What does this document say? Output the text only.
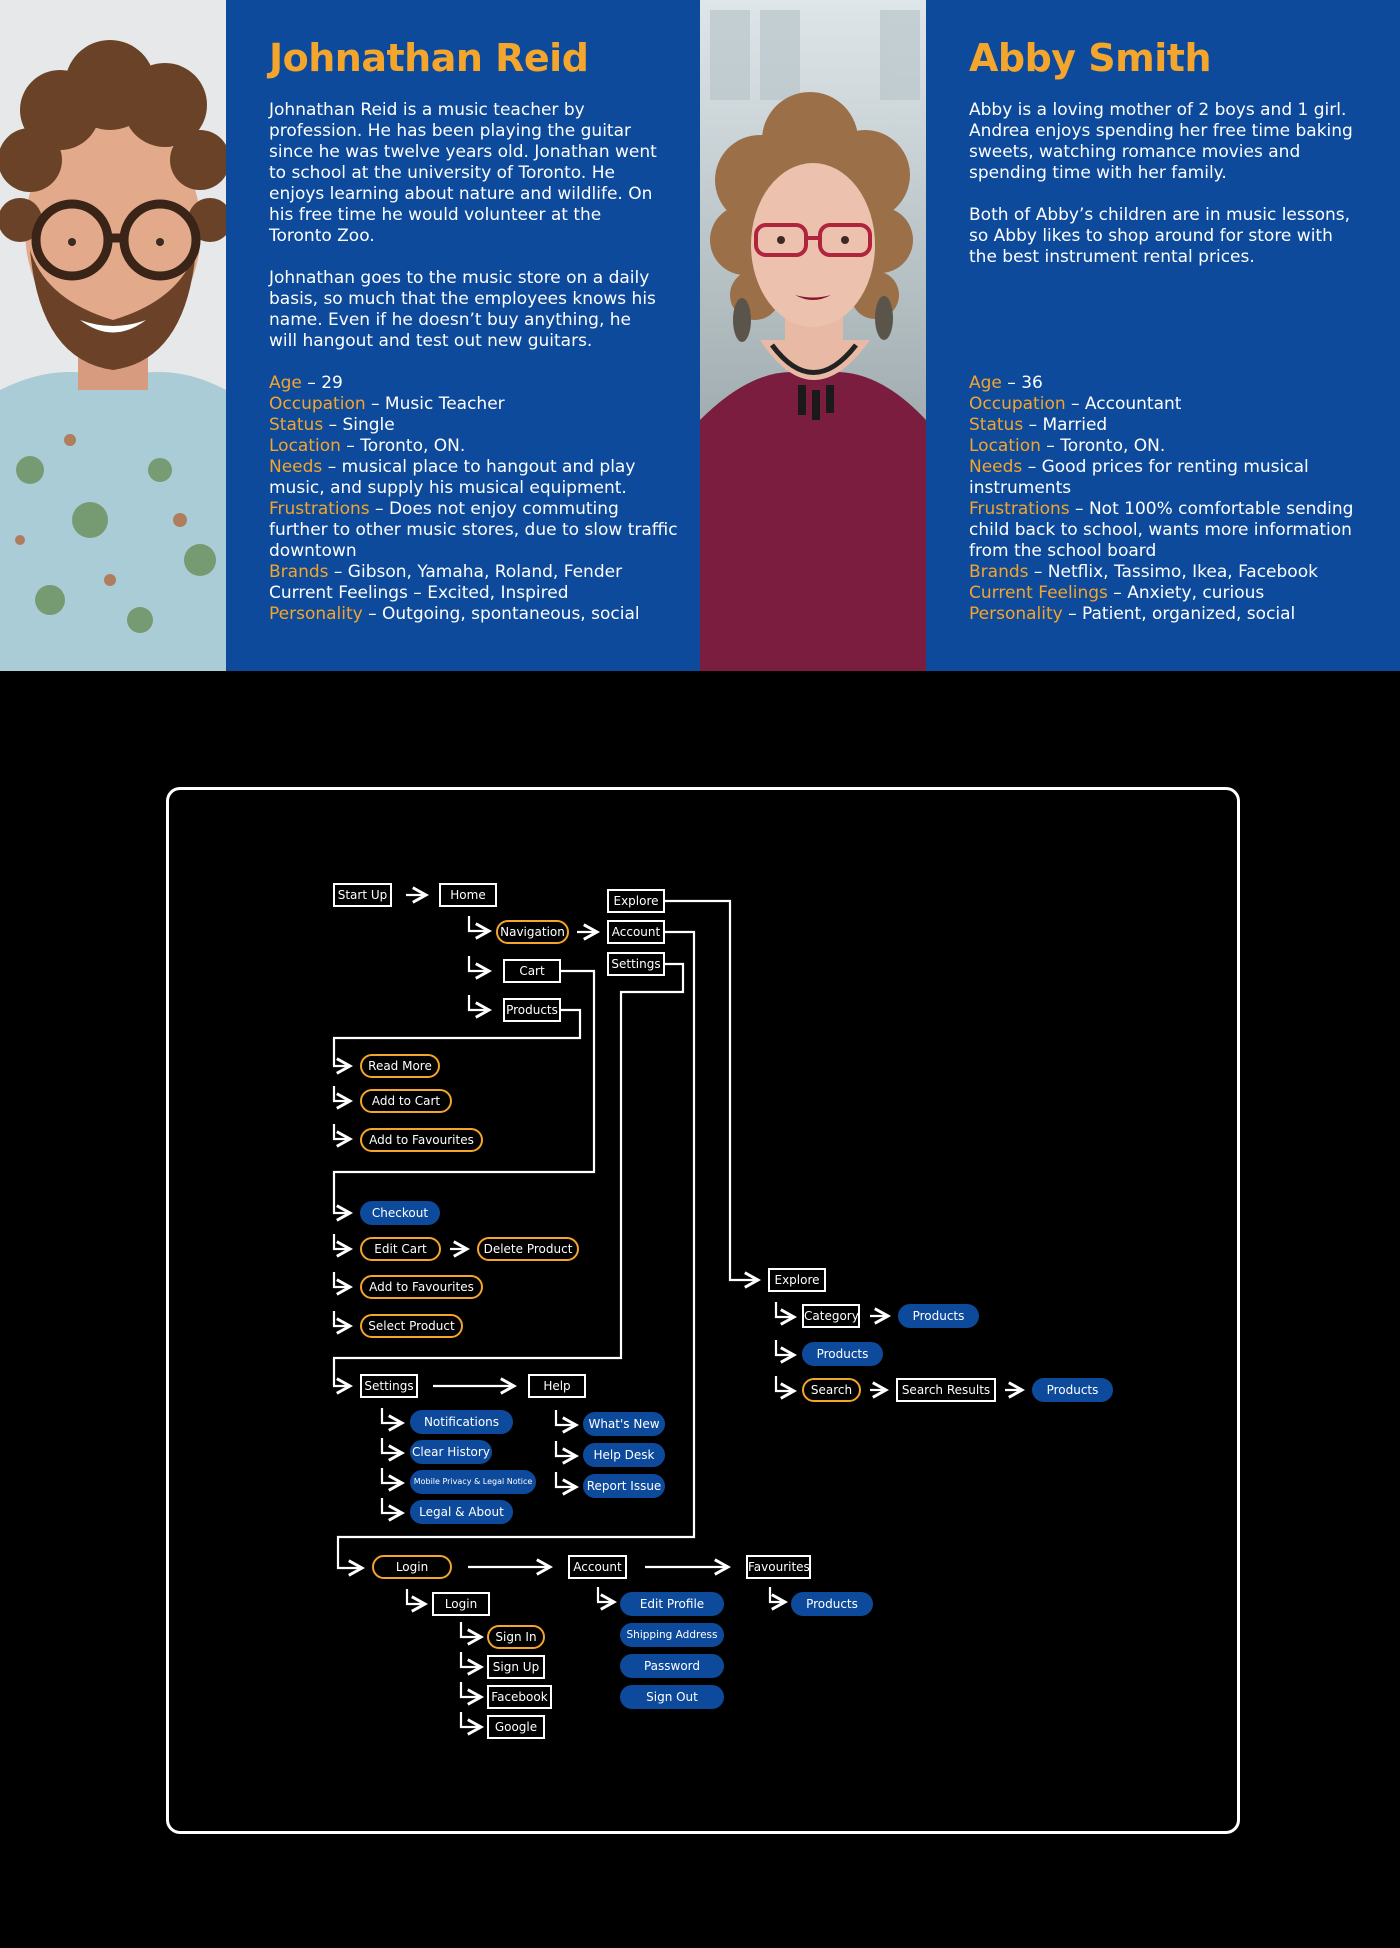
Johnathan Reid

Johnathan Reid is a music teacher by profession. He has been playing the guitar since he was twelve years old. Jonathan went to school at the university of Toronto. He enjoys learning about nature and wildlife. On his free time he would volunteer at the Toronto Zoo.

Johnathan goes to the music store on a daily basis, so much that the employees knows his name. Even if he doesn’t buy anything, he will hangout and test out new guitars.

Age – 29
Occupation – Music Teacher
Status – Single
Location – Toronto, ON.
Needs – musical place to hangout and play music, and supply his musical equipment.
Frustrations – Does not enjoy commuting further to other music stores, due to slow traffic downtown
Brands – Gibson, Yamaha, Roland, Fender
Current Feelings – Excited, Inspired
Personality – Outgoing, spontaneous, social
Abby Smith

Abby is a loving mother of 2 boys and 1 girl. Andrea enjoys spending her free time baking sweets, watching romance movies and spending time with her family.

Both of Abby’s children are in music lessons, so Abby likes to shop around for store with the best instrument rental prices.

Age – 36
Occupation – Accountant
Status – Married
Location – Toronto, ON.
Needs – Good prices for renting musical instruments
Frustrations – Not 100% comfortable sending child back to school, wants more information from the school board
Brands – Netflix, Tassimo, Ikea, Facebook
Current Feelings – Anxiety, curious
Personality – Patient, organized, social
Start Up	Home
Navigation
Cart
Products
Explore
Account
Settings
Read More
Add to Cart
Add to Favourites
Checkout
Edit Cart	Delete Product
Add to Favourites
Select Product
Explore
Category	Products
Products
Search	Search Results	Products
Settings	Help
Notifications
Clear History
Mobile Privacy & Legal Notice
Legal & About
What's New
Help Desk
Report Issue
Login	Account	Favourites
Login
Sign In
Sign Up
Facebook
Google
Edit Profile
Shipping Address
Password
Sign Out
Products
